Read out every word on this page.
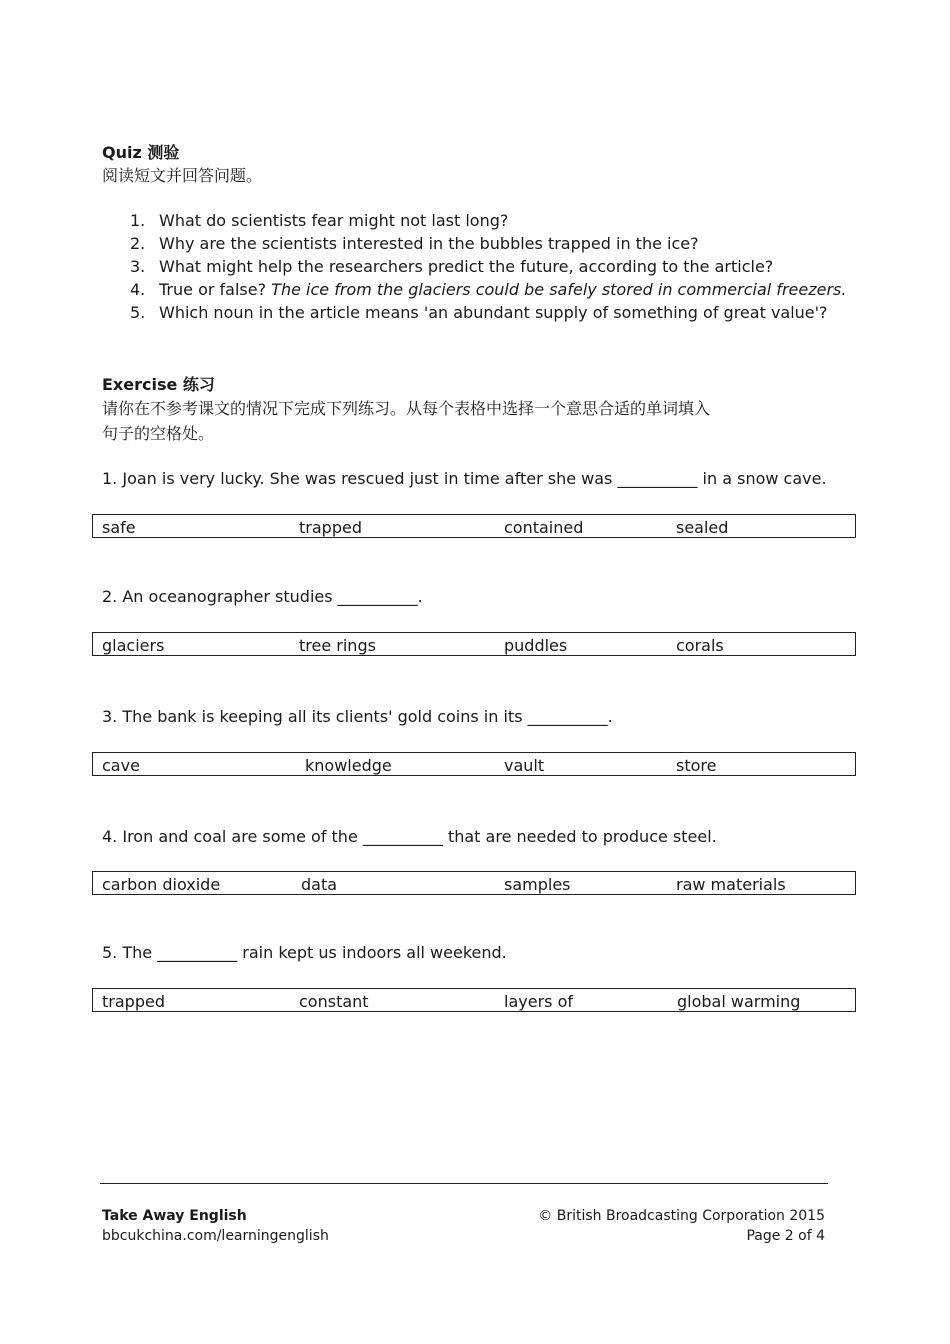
Quiz 测验
阅读短文并回答问题。
1. What do scientists fear might not last long?
2. Why are the scientists interested in the bubbles trapped in the ice?
3. What might help the researchers predict the future, according to the article?
4. True or false? The ice from the glaciers could be safely stored in commercial freezers.
5. Which noun in the article means 'an abundant supply of something of great value'?
Exercise 练习
请你在不参考课文的情况下完成下列练习。从每个表格中选择一个意思合适的单词填入
句子的空格处。
1. Joan is very lucky. She was rescued just in time after she was __________ in a snow cave.
safe	trapped	contained	sealed
2. An oceanographer studies __________.
glaciers	tree rings	puddles	corals
3. The bank is keeping all its clients' gold coins in its __________.
cave	knowledge	vault	store
4. Iron and coal are some of the __________ that are needed to produce steel.
carbon dioxide	data	samples	raw materials
5. The __________ rain kept us indoors all weekend.
trapped	constant	layers of	global warming
Take Away English
bbcukchina.com/learningenglish
© British Broadcasting Corporation 2015
Page 2 of 4
